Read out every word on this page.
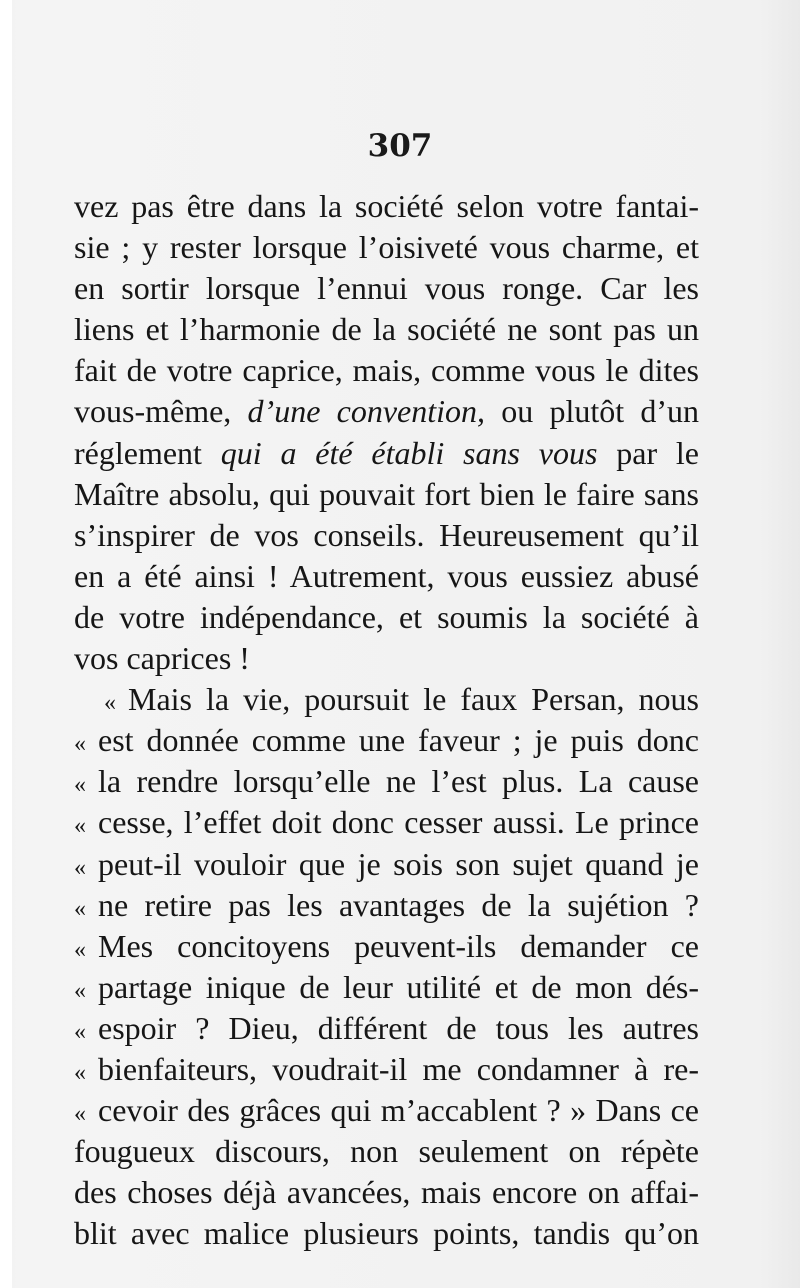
307
vez pas être dans la société selon votre fantai-
sie ; y rester lorsque l’oisiveté vous charme, et
en sortir lorsque l’ennui vous ronge. Car les
liens et l’harmonie de la société ne sont pas un
fait de votre caprice, mais, comme vous le dites
vous-même, d’une convention, ou plutôt d’un
réglement qui a été établi sans vous par le
Maître absolu, qui pouvait fort bien le faire sans
s’inspirer de vos conseils. Heureusement qu’il
en a été ainsi ! Autrement, vous eussiez abusé
de votre indépendance, et soumis la société à
vos caprices !
« Mais la vie, poursuit le faux Persan, nous
« est donnée comme une faveur ; je puis donc
« la rendre lorsqu’elle ne l’est plus. La cause
« cesse, l’effet doit donc cesser aussi. Le prince
« peut-il vouloir que je sois son sujet quand je
« ne retire pas les avantages de la sujétion ?
« Mes concitoyens peuvent-ils demander ce
« partage inique de leur utilité et de mon dés-
« espoir ? Dieu, différent de tous les autres
« bienfaiteurs, voudrait-il me condamner à re-
« cevoir des grâces qui m’accablent ? » Dans ce
fougueux discours, non seulement on répète
des choses déjà avancées, mais encore on affai-
blit avec malice plusieurs points, tandis qu’on
